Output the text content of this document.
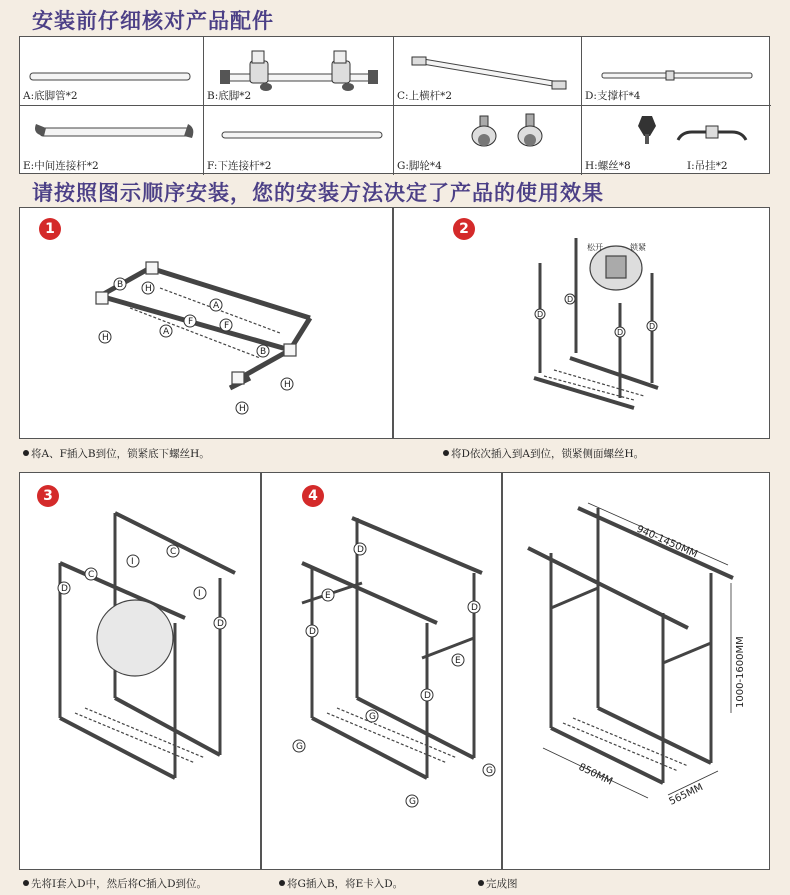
安装前仔细核对产品配件
请按照图示顺序安装，您的安装方法决定了产品的使用效果
A:底脚管*2	B:底脚*2	C:上横杆*2	D:支撑杆*4
E:中间连接杆*2	F:下连接杆*2	G:脚轮*4	H:螺丝*8	I:吊挂*2
1
B
B
A
A
F	F
H
H
H
H
2
松开	锁紧
D
D
D
D
将A、F插入B到位，锁紧底下螺丝H。	将D依次插入到A到位，锁紧侧面螺丝H。
3
C
C
I
I
D
D
4
D
D
D
D
E
E
G
G
G
G
940-1450MM
1000-1600MM
850MM
565MM
先将I套入D中，然后将C插入D到位。	将G插入B，将E卡入D。	完成图
